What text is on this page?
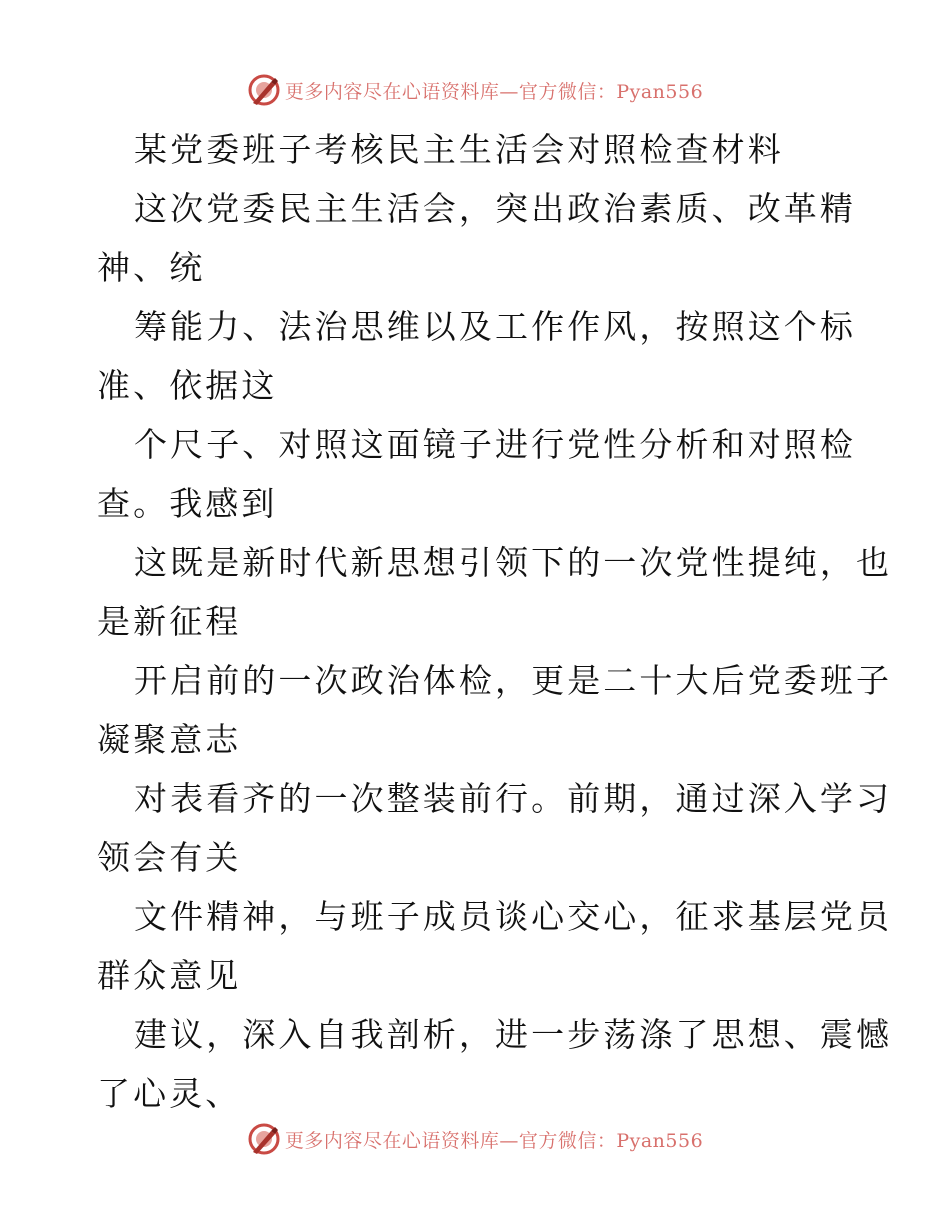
更多内容尽在心语资料库—官方微信：Pyan556
某党委班子考核民主生活会对照检查材料
这次党委民主生活会，突出政治素质、改革精
神、统
筹能力、法治思维以及工作作风，按照这个标
准、依据这
个尺子、对照这面镜子进行党性分析和对照检
查。我感到
这既是新时代新思想引领下的一次党性提纯，也
是新征程
开启前的一次政治体检，更是二十大后党委班子
凝聚意志
对表看齐的一次整装前行。前期，通过深入学习
领会有关
文件精神，与班子成员谈心交心，征求基层党员
群众意见
建议，深入自我剖析，进一步荡涤了思想、震憾
了心灵、
更多内容尽在心语资料库—官方微信：Pyan556
